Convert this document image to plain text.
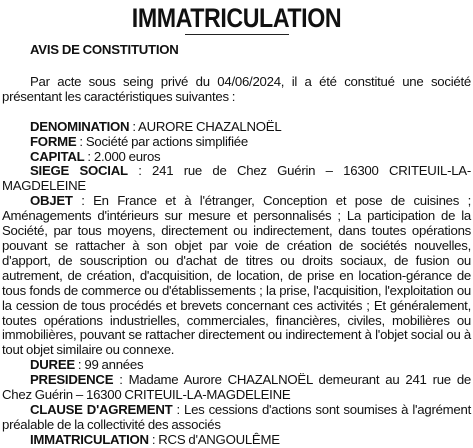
IMMATRICULATION

AVIS DE CONSTITUTION

Par acte sous seing privé du 04/06/2024, il a été constitué une société présentant les caractéristiques suivantes :

DENOMINATION : AURORE CHAZALNOËL

FORME : Société par actions simplifiée

CAPITAL : 2.000 euros

SIEGE SOCIAL : 241 rue de Chez Guérin – 16300 CRITEUIL-LA-MAGDELEINE

OBJET : En France et à l'étranger, Conception et pose de cuisines ; Aménagements d'intérieurs sur mesure et personnalisés ; La participation de la Société, par tous moyens, directement ou indirectement, dans toutes opérations pouvant se rattacher à son objet par voie de création de sociétés nouvelles, d'apport, de souscription ou d'achat de titres ou droits sociaux, de fusion ou autrement, de création, d'acquisition, de location, de prise en location-gérance de tous fonds de commerce ou d'établissements ; la prise, l'acquisition, l'exploitation ou la cession de tous procédés et brevets concernant ces activités ; Et généralement, toutes opérations industrielles, commerciales, financières, civiles, mobilières ou immobilières, pouvant se rattacher directement ou indirectement à l'objet social ou à tout objet similaire ou connexe.

DUREE : 99 années

PRESIDENCE : Madame Aurore CHAZALNOËL demeurant au 241 rue de Chez Guérin – 16300 CRITEUIL-LA-MAGDELEINE

CLAUSE D'AGREMENT : Les cessions d'actions sont soumises à l'agrément préalable de la collectivité des associés

IMMATRICULATION : RCS d'ANGOULÊME
